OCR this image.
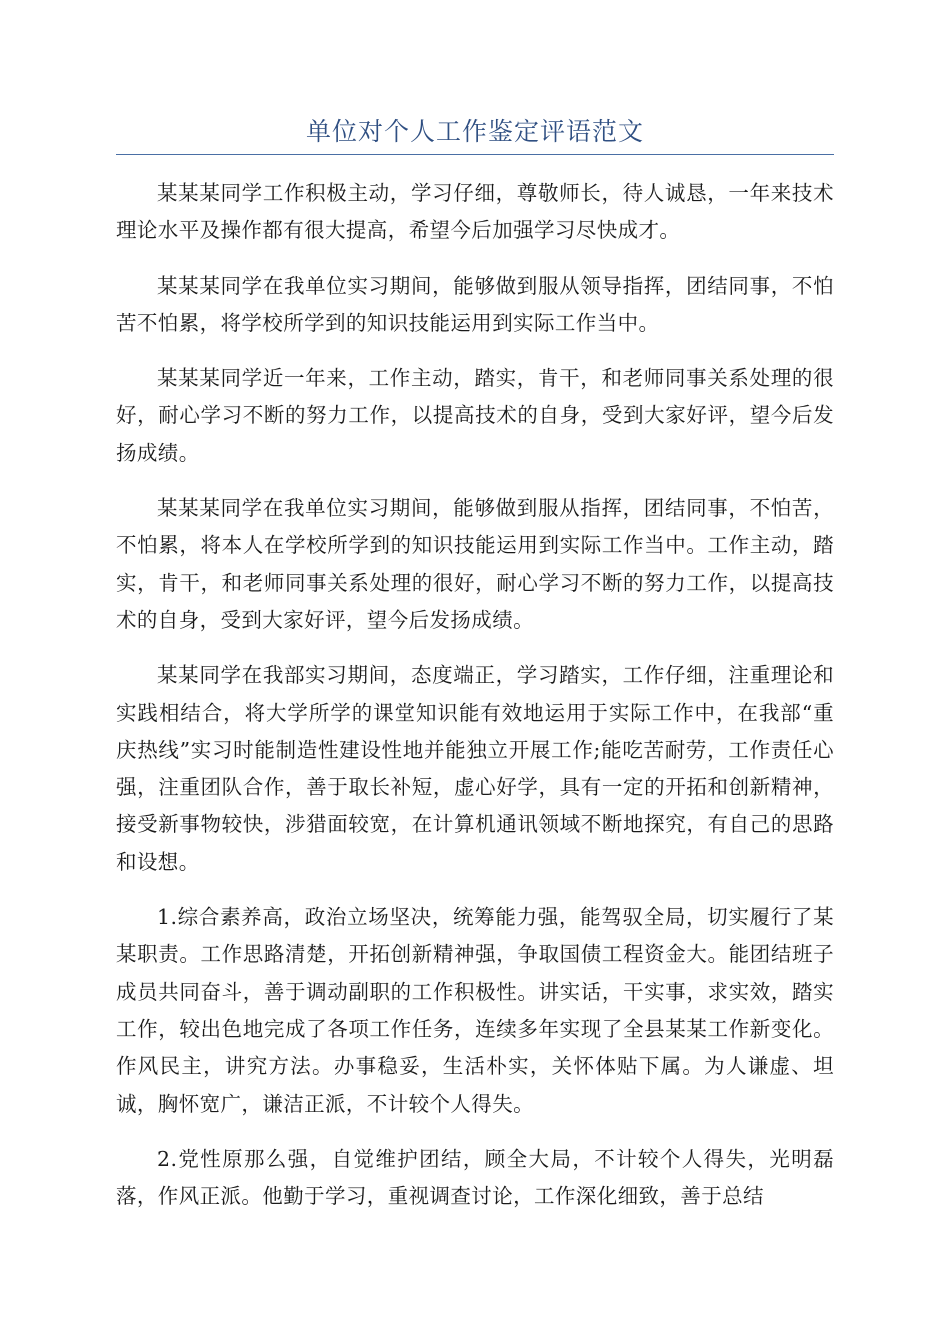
单位对个人工作鉴定评语范文

某某某同学工作积极主动，学习仔细，尊敬师长，待人诚恳，一年来技术理论水平及操作都有很大提高，希望今后加强学习尽快成才。

某某某同学在我单位实习期间，能够做到服从领导指挥，团结同事，不怕苦不怕累，将学校所学到的知识技能运用到实际工作当中。

某某某同学近一年来，工作主动，踏实，肯干，和老师同事关系处理的很好，耐心学习不断的努力工作，以提高技术的自身，受到大家好评，望今后发扬成绩。

某某某同学在我单位实习期间，能够做到服从指挥，团结同事，不怕苦，不怕累，将本人在学校所学到的知识技能运用到实际工作当中。工作主动，踏实，肯干，和老师同事关系处理的很好，耐心学习不断的努力工作，以提高技术的自身，受到大家好评，望今后发扬成绩。

某某同学在我部实习期间，态度端正，学习踏实，工作仔细，注重理论和实践相结合，将大学所学的课堂知识能有效地运用于实际工作中，在我部“重庆热线”实习时能制造性建设性地并能独立开展工作;能吃苦耐劳，工作责任心强，注重团队合作，善于取长补短，虚心好学，具有一定的开拓和创新精神，接受新事物较快，涉猎面较宽，在计算机通讯领域不断地探究，有自己的思路和设想。

1.综合素养高，政治立场坚决，统筹能力强，能驾驭全局，切实履行了某某职责。工作思路清楚，开拓创新精神强，争取国债工程资金大。能团结班子成员共同奋斗，善于调动副职的工作积极性。讲实话，干实事，求实效，踏实工作，较出色地完成了各项工作任务，连续多年实现了全县某某工作新变化。作风民主，讲究方法。办事稳妥，生活朴实，关怀体贴下属。为人谦虚、坦诚，胸怀宽广，谦洁正派，不计较个人得失。

2.党性原那么强，自觉维护团结，顾全大局，不计较个人得失，光明磊落，作风正派。他勤于学习，重视调查讨论，工作深化细致，善于总结
